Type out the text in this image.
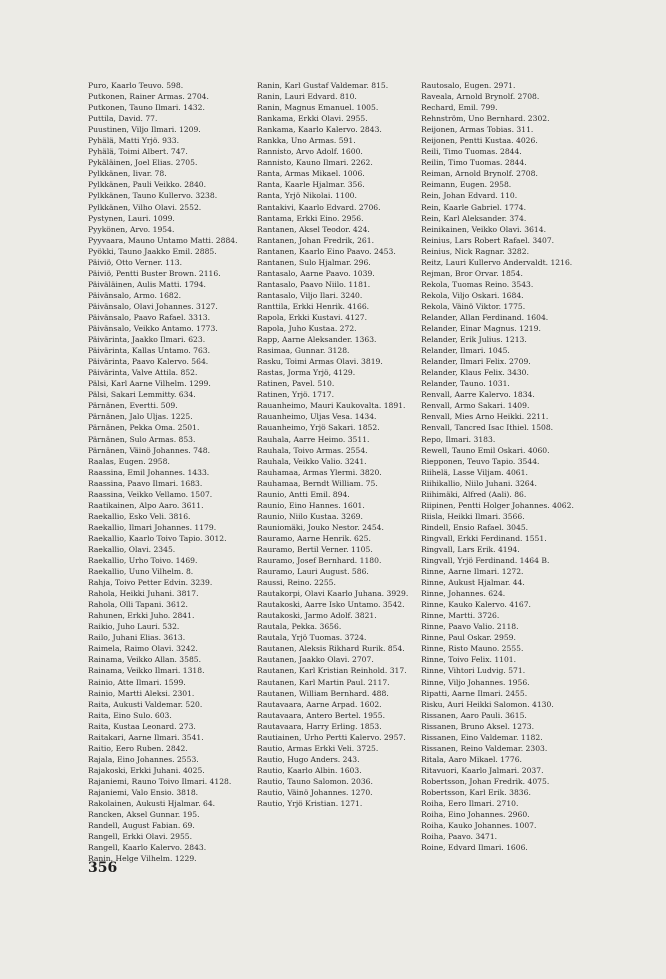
Puro, Kaarlo Teuvo. 598.
Putkonen, Rainer Armas. 2704.
Putkonen, Tauno Ilmari. 1432.
Puttila, David. 77.
Puustinen, Viljo Ilmari. 1209.
Pyhälä, Matti Yrjö. 933.
Pyhälä, Toimi Albert. 747.
Pykäläinen, Joel Elias. 2705.
Pylkkänen, Iivar. 78.
Pylkkänen, Pauli Veikko. 2840.
Pylkkänen, Tauno Kullervo. 3238.
Pylkkänen, Vilho Olavi. 2552.
Pystynen, Lauri. 1099.
Pyykönen, Arvo. 1954.
Pyyvaara, Mauno Untamo Matti. 2884.
Pyökki, Tauno Jaakko Emil. 2885.
Päiviö, Otto Verner. 113.
Päiviö, Pentti Buster Brown. 2116.
Päiväläinen, Aulis Matti. 1794.
Päivänsalo, Armo. 1682.
Päivänsalo, Olavi Johannes. 3127.
Päivänsalo, Paavo Rafael. 3313.
Päivänsalo, Veikko Antamo. 1773.
Päivärinta, Jaakko Ilmari. 623.
Päivärinta, Kallas Untamo. 763.
Päivärinta, Paavo Kalervo. 564.
Päivärinta, Valve Attila. 852.
Pälsi, Karl Aarne Vilhelm. 1299.
Pälsi, Sakari Lemmitty. 634.
Pärnänen, Evertti. 509.
Pärnänen, Jalo Uljas. 1225.
Pärnänen, Pekka Oma. 2501.
Pärnänen, Sulo Armas. 853.
Pärnänen, Väinö Johannes. 748.
Raalas, Eugen. 2958.
Raassina, Emil Johannes. 1433.
Raassina, Paavo Ilmari. 1683.
Raassina, Veikko Vellamo. 1507.
Raatikainen, Alpo Aaro. 3611.
Raekallio, Esko Veli. 3816.
Raekallio, Ilmari Johannes. 1179.
Raekallio, Kaarlo Toivo Tapio. 3012.
Raekallio, Olavi. 2345.
Raekallio, Urho Toivo. 1469.
Raekallio, Uuno Vilhelm. 8.
Rahja, Toivo Petter Edvin. 3239.
Rahola, Heikki Juhani. 3817.
Rahola, Olli Tapani. 3612.
Rahunen, Erkki Juho. 2841.
Raikio, Juho Lauri. 532.
Railo, Juhani Elias. 3613.
Raimela, Raimo Olavi. 3242.
Rainama, Veikko Allan. 3585.
Rainama, Veikko Ilmari. 1318.
Rainio, Atte Ilmari. 1599.
Rainio, Martti Aleksi. 2301.
Raita, Aukusti Valdemar. 520.
Raita, Eino Sulo. 603.
Raita, Kustaa Leonard. 273.
Raitakari, Aarne Ilmari. 3541.
Raitio, Eero Ruben. 2842.
Rajala, Eino Johannes. 2553.
Rajakoski, Erkki Juhani. 4025.
Rajaniemi, Rauno Toivo Ilmari. 4128.
Rajaniemi, Valo Ensio. 3818.
Rakolainen, Aukusti Hjalmar. 64.
Rancken, Aksel Gunnar. 195.
Randell, August Fabian. 69.
Rangell, Erkki Olavi. 2955.
Rangell, Kaarlo Kalervo. 2843.
Ranin, Helge Vilhelm. 1229.
Ranin, Karl Gustaf Valdemar. 815.
Ranin, Lauri Edvard. 810.
Ranin, Magnus Emanuel. 1005.
Rankama, Erkki Olavi. 2955.
Rankama, Kaarlo Kalervo. 2843.
Rankka, Uno Armas. 591.
Rannisto, Arvo Adolf. 1600.
Rannisto, Kauno Ilmari. 2262.
Ranta, Armas Mikael. 1006.
Ranta, Kaarle Hjalmar. 356.
Ranta, Yrjö Nikolai. 1100.
Rantakivi, Kaarlo Edvard. 2706.
Rantama, Erkki Eino. 2956.
Rantanen, Aksel Teodor. 424.
Rantanen, Johan Fredrik, 261.
Rantanen, Kaarlo Eino Paavo. 2453.
Rantanen, Sulo Hjalmar. 296.
Rantasalo, Aarne Paavo. 1039.
Rantasalo, Paavo Niilo. 1181.
Rantasalo, Viljo Ilari. 3240.
Ranttila, Erkki Henrik. 4166.
Rapola, Erkki Kustavi. 4127.
Rapola, Juho Kustaa. 272.
Rapp, Aarne Aleksander. 1363.
Rasimaa, Gunnar. 3128.
Rasku, Toimi Armas Olavi. 3819.
Rastas, Jorma Yrjö, 4129.
Ratinen, Pavel. 510.
Ratinen, Yrjö. 1717.
Rauanheimo, Mauri Kaukovalta. 1891.
Rauanheimo, Uljas Vesa. 1434.
Rauanheimo, Yrjö Sakari. 1852.
Rauhala, Aarre Heimo. 3511.
Rauhala, Toivo Armas. 2554.
Rauhala, Veikko Valio. 3241.
Rauhamaa, Armas Ylermi. 3820.
Rauhamaa, Berndt William. 75.
Raunio, Antti Emil. 894.
Raunio, Eino Hannes. 1601.
Raunio, Niilo Kustaa. 3269.
Rauniomäki, Jouko Nestor. 2454.
Rauramo, Aarne Henrik. 625.
Rauramo, Bertil Verner. 1105.
Rauramo, Josef Bernhard. 1180.
Rauramo, Lauri August. 586.
Raussi, Reino. 2255.
Rautakorpi, Olavi Kaarlo Juhana. 3929.
Rautakoski, Aarre Isko Untamo. 3542.
Rautakoski, Jarmo Adolf. 3821.
Rautala, Pekka. 3656.
Rautala, Yrjö Tuomas. 3724.
Rautanen, Aleksis Rikhard Rurik. 854.
Rautanen, Jaakko Olavi. 2707.
Rautanen, Karl Kristian Reinhold. 317.
Rautanen, Karl Martin Paul. 2117.
Rautanen, William Bernhard. 488.
Rautavaara, Aarne Arpad. 1602.
Rautavaara, Antero Bertel. 1955.
Rautavaara, Harry Erling. 1853.
Rautiainen, Urho Pertti Kalervo. 2957.
Rautio, Armas Erkki Veli. 3725.
Rautio, Hugo Anders. 243.
Rautio, Kaarlo Albin. 1603.
Rautio, Tauno Salomon. 2036.
Rautio, Väinö Johannes. 1270.
Rautio, Yrjö Kristian. 1271.
Rautosalo, Eugen. 2971.
Raveala, Arnold Brynolf. 2708.
Rechard, Emil. 799.
Rehnström, Uno Bernhard. 2302.
Reijonen, Armas Tobias. 311.
Reijonen, Pentti Kustaa. 4026.
Reili, Timo Tuomas. 2844.
Reilin, Timo Tuomas. 2844.
Reiman, Arnold Brynolf. 2708.
Reimann, Eugen. 2958.
Rein, Johan Edvard. 110.
Rein, Kaarle Gabriel. 1774.
Rein, Karl Aleksander. 374.
Reinikainen, Veikko Olavi. 3614.
Reinius, Lars Robert Rafael. 3407.
Reinius, Nick Ragnar. 3282.
Reitz, Lauri Kullervo Andervaldt. 1216.
Rejman, Bror Orvar. 1854.
Rekola, Tuomas Reino. 3543.
Rekola, Viljo Oskari. 1684.
Rekola, Väinö Viktor. 1775.
Relander, Allan Ferdinand. 1604.
Relander, Einar Magnus. 1219.
Relander, Erik Julius. 1213.
Relander, Ilmari. 1045.
Relander, Ilmari Felix. 2709.
Relander, Klaus Felix. 3430.
Relander, Tauno. 1031.
Renvall, Aarre Kalervo. 1834.
Renvall, Armo Sakari. 1409.
Renvall, Mies Arno Heikki. 2211.
Renvall, Tancred Isac Ithiel. 1508.
Repo, Ilmari. 3183.
Rewell, Tauno Emil Oskari. 4060.
Riepponen, Teuvo Tapio. 3544.
Riihelä, Lasse Viljam. 4061.
Riihikallio, Niilo Juhani. 3264.
Riihimäki, Alfred (Aali). 86.
Riipinen, Pentti Holger Johannes. 4062.
Riisla, Heikki Ilmari. 3566.
Rindell, Ensio Rafael. 3045.
Ringvall, Erkki Ferdinand. 1551.
Ringvall, Lars Erik. 4194.
Ringvall, Yrjö Ferdinand. 1464 B.
Rinne, Aarne Ilmari. 1272.
Rinne, Aukust Hjalmar. 44.
Rinne, Johannes. 624.
Rinne, Kauko Kalervo. 4167.
Rinne, Martti. 3726.
Rinne, Paavo Valio. 2118.
Rinne, Paul Oskar. 2959.
Rinne, Risto Mauno. 2555.
Rinne, Toivo Felix. 1101.
Rinne, Vihtori Ludvig. 571.
Rinne, Viljo Johannes. 1956.
Ripatti, Aarne Ilmari. 2455.
Risku, Auri Heikki Salomon. 4130.
Rissanen, Aaro Pauli. 3615.
Rissanen, Bruno Aksel. 1273.
Rissanen, Eino Valdemar. 1182.
Rissanen, Reino Valdemar. 2303.
Ritala, Aaro Mikael. 1776.
Ritavuori, Kaarlo Jalmari. 2037.
Robertsson, Johan Fredrik. 4075.
Robertsson, Karl Erik. 3836.
Roiha, Eero Ilmari. 2710.
Roiha, Eino Johannes. 2960.
Roiha, Kauko Johannes. 1007.
Roiha, Paavo. 3471.
Roine, Edvard Ilmari. 1606.
356
